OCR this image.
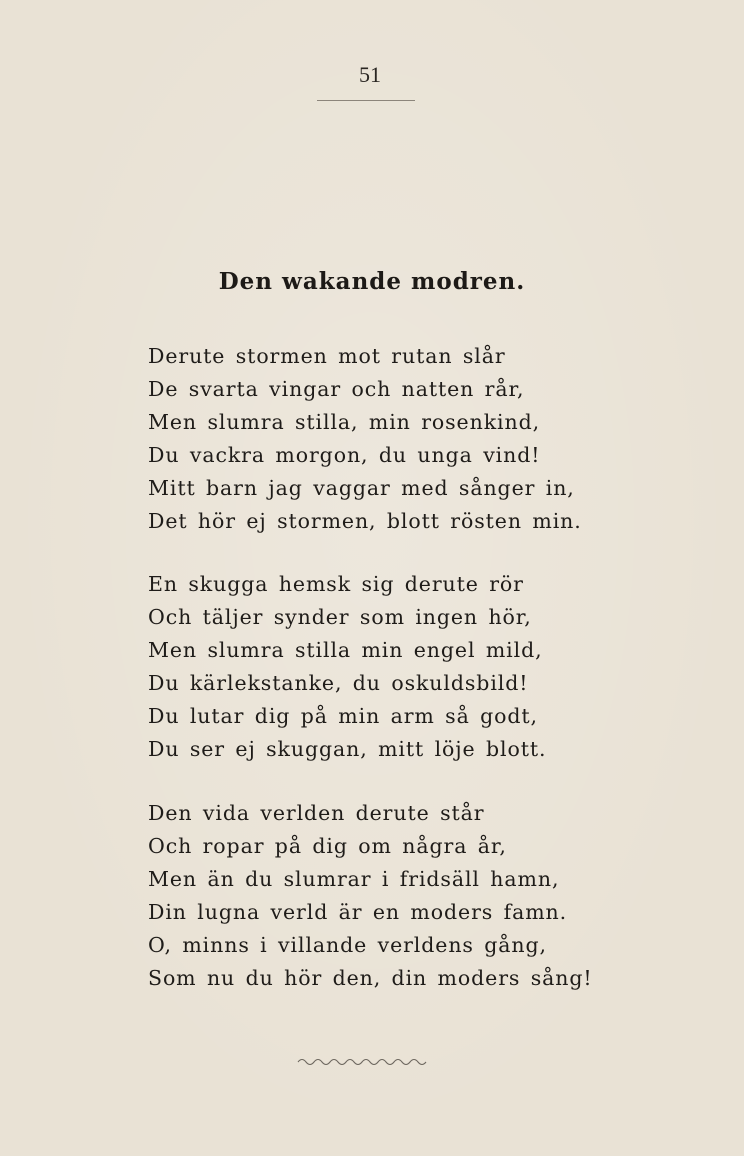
51
Den wakande modren.
Derute stormen mot rutan slår
De svarta vingar och natten rår,
Men slumra stilla, min rosenkind,
Du vackra morgon, du unga vind!
Mitt barn jag vaggar med sånger in,
Det hör ej stormen, blott rösten min.
En skugga hemsk sig derute rör
Och täljer synder som ingen hör,
Men slumra stilla min engel mild,
Du kärlekstanke, du oskuldsbild!
Du lutar dig på min arm så godt,
Du ser ej skuggan, mitt löje blott.
Den vida verlden derute står
Och ropar på dig om några år,
Men än du slumrar i fridsäll hamn,
Din lugna verld är en moders famn.
O, minns i villande verldens gång,
Som nu du hör den, din moders sång!
